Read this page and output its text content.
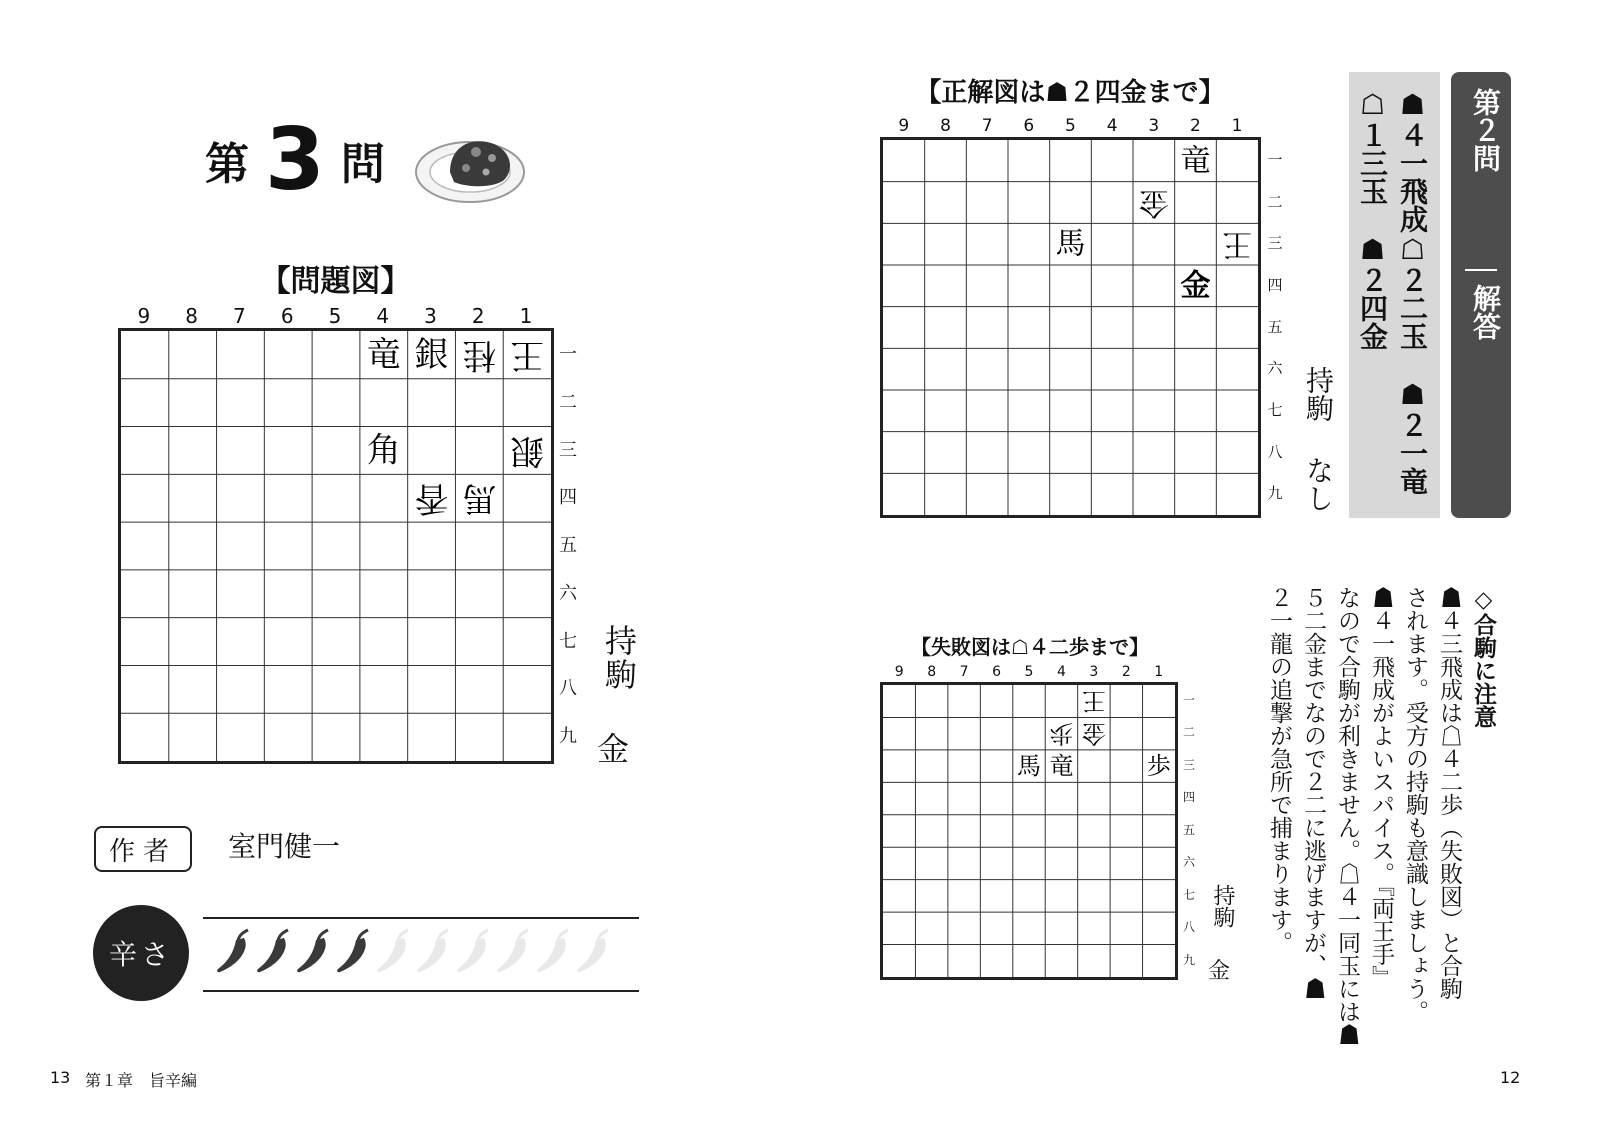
第 3 問
【問題図】
9	8	7	6	5	4	3	2	1
竜 銀 桂 王
角	銀
香 馬
一
二
三
四
五
六
七
八
九
持駒
金
作者	室門健一
辛さ
【正解図は☗２四金まで】
9	8	7	6	5	4	3	2	1
竜
金
馬	王
金
一
二
三
四
五
六
七
八
九
持駒
なし
【失敗図は☖４二歩まで】
9	8	7	6	5	4	3	2	1
王
歩 金
馬 竜	歩
一
二
三
四
五
六
七
八
九
持駒
金
第２問
解答
☗４一飛成☖２二玉　☗２一竜
☖１三玉　☗２四金
◇合駒に注意
☗４三飛成は☖４二歩（失敗図）と合駒
されます。受方の持駒も意識しましょう。
☗４一飛成がよいスパイス。『両王手』
なので合駒が利きません。☖４一同玉には☗
５二金までなので２二に逃げますが、☗
２一龍の追撃が急所で捕まります。
13 第１章　旨辛編	12
